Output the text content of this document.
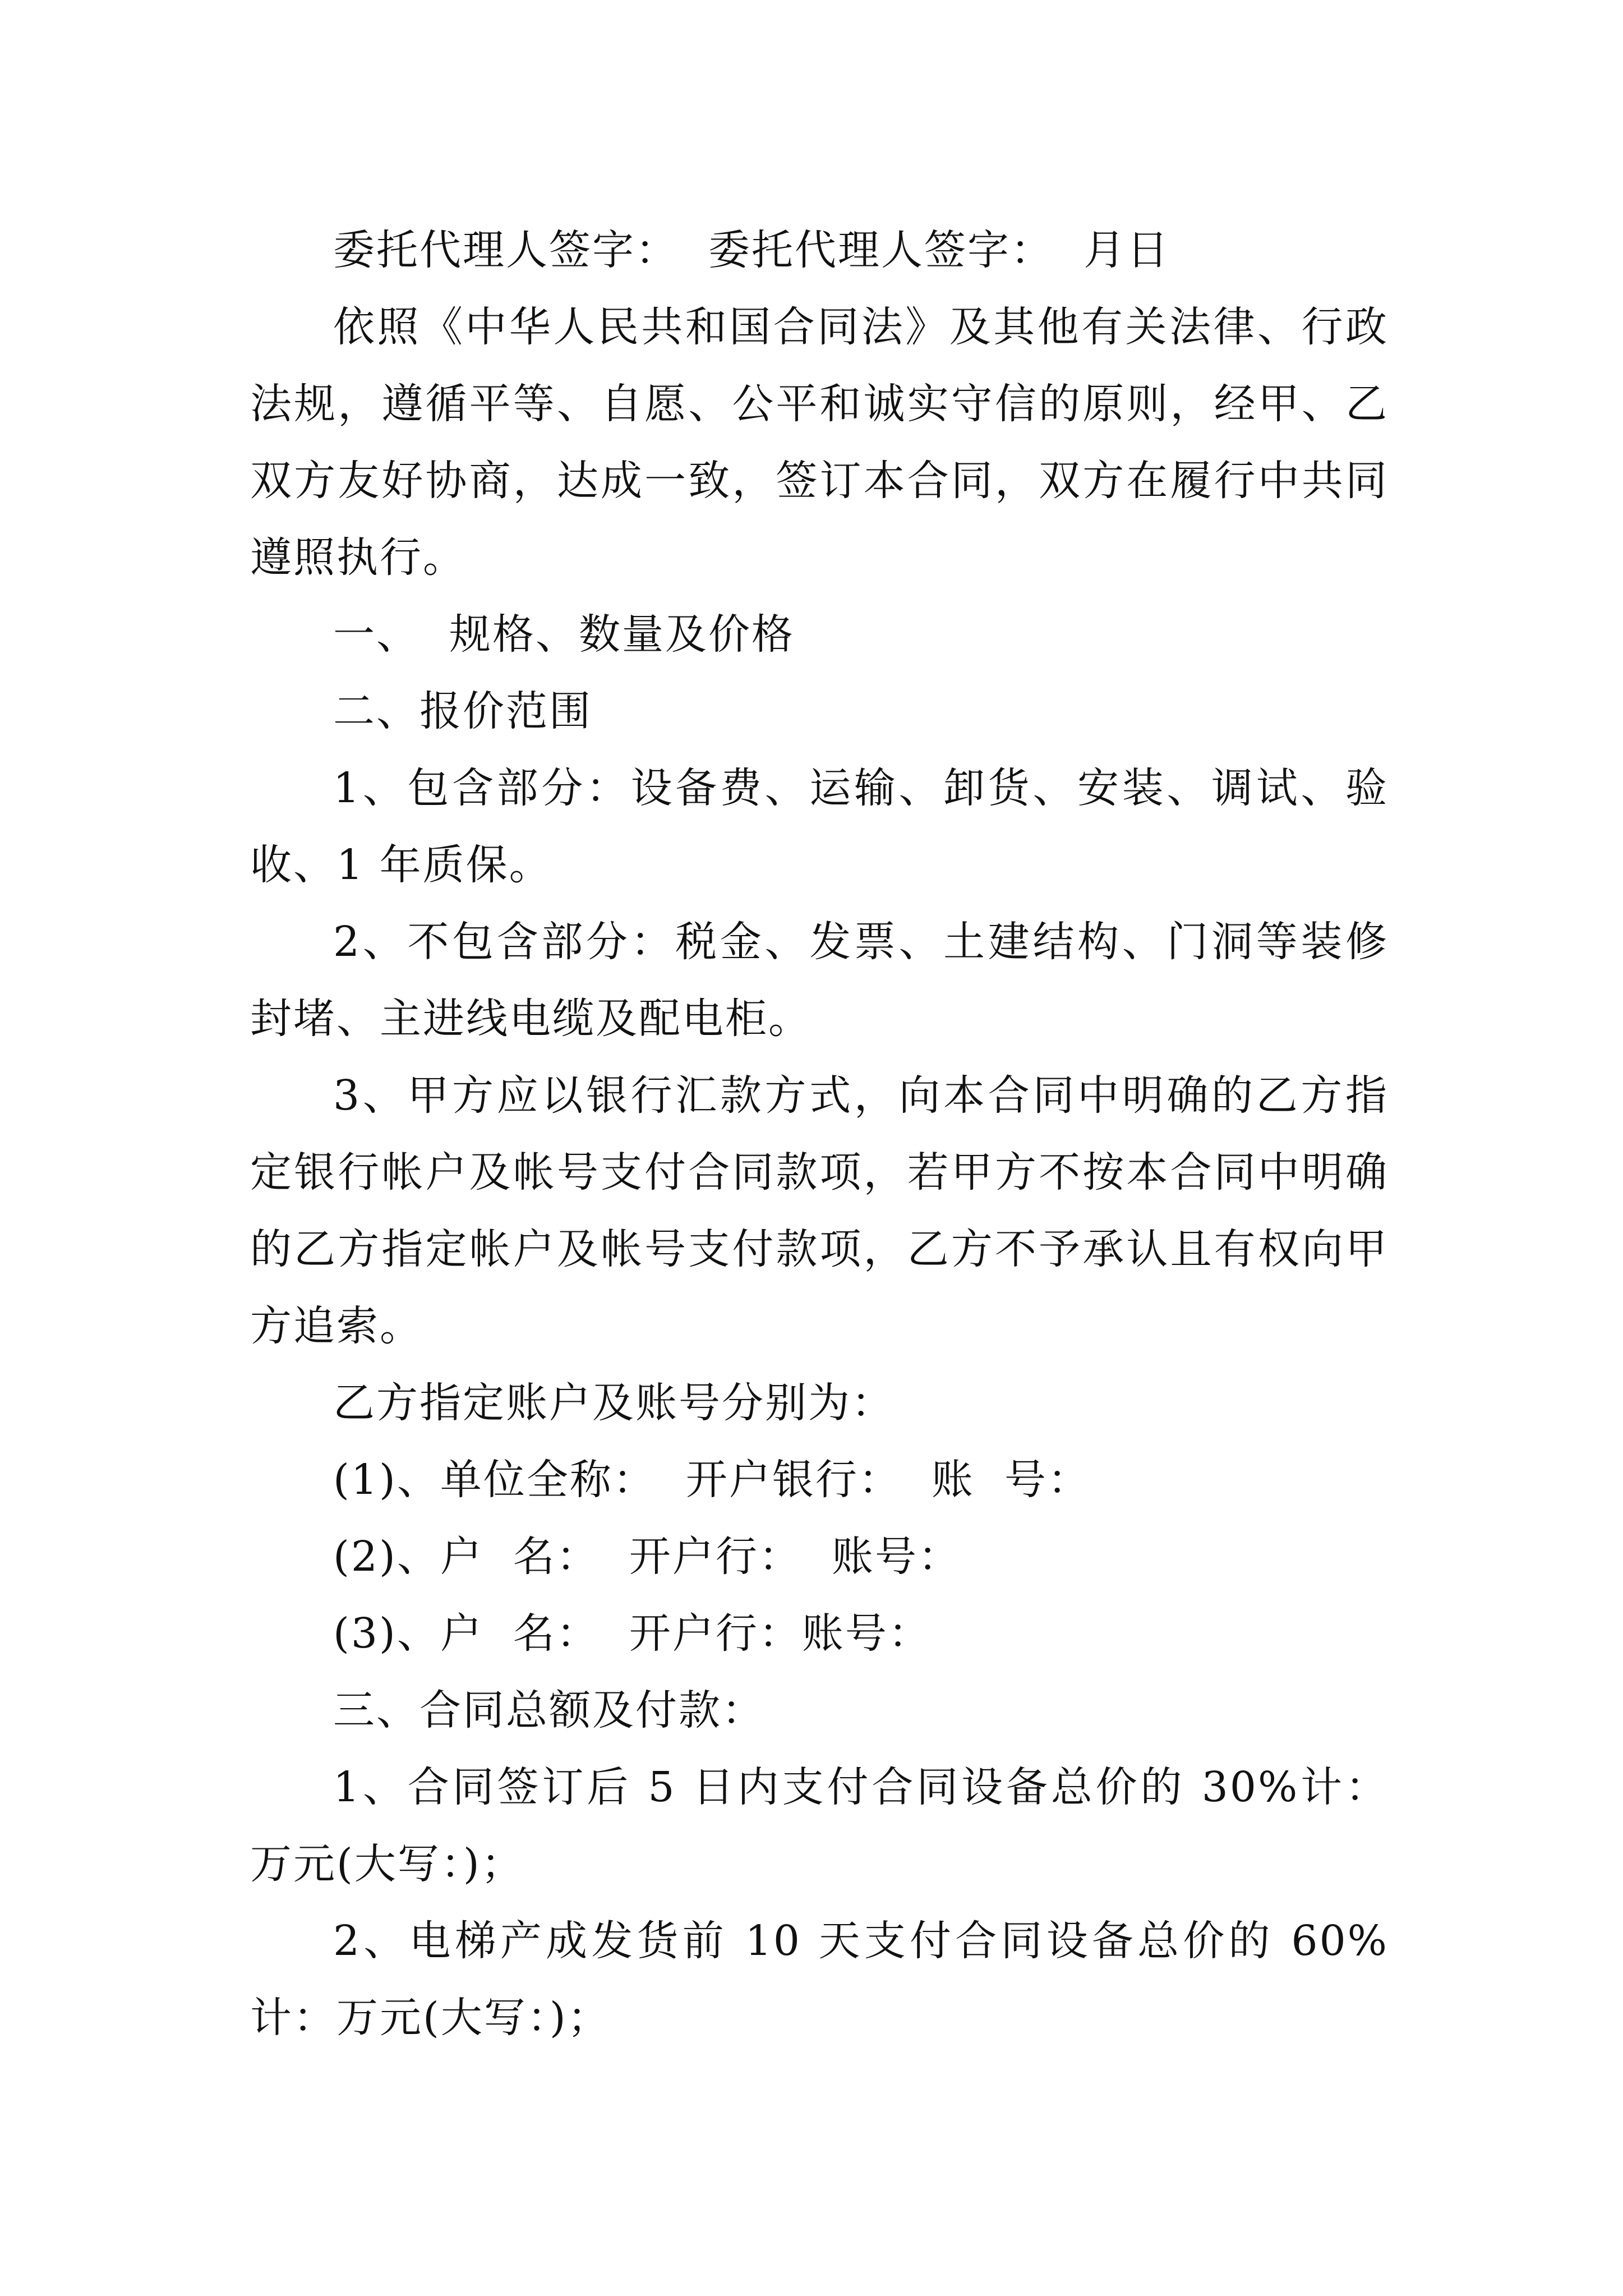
委托代理人签字：  委托代理人签字：  月日

依照《中华人民共和国合同法》及其他有关法律、行政法规，遵循平等、自愿、公平和诚实守信的原则，经甲、乙双方友好协商，达成一致，签订本合同，双方在履行中共同遵照执行。

一、  规格、数量及价格

二、报价范围

1、包含部分：设备费、运输、卸货、安装、调试、验收、1 年质保。

2、不包含部分：税金、发票、土建结构、门洞等装修封堵、主进线电缆及配电柜。

3、甲方应以银行汇款方式，向本合同中明确的乙方指定银行帐户及帐号支付合同款项，若甲方不按本合同中明确的乙方指定帐户及帐号支付款项，乙方不予承认且有权向甲方追索。

乙方指定账户及账号分别为：

(1)、单位全称：  开户银行：  账  号：

(2)、户  名：  开户行：  账号：

(3)、户  名：  开户行：账号：

三、合同总额及付款：

1、合同签订后 5 日内支付合同设备总价的 30%计：  万元(大写：)；

2、电梯产成发货前 10 天支付合同设备总价的 60%计：万元(大写：)；
